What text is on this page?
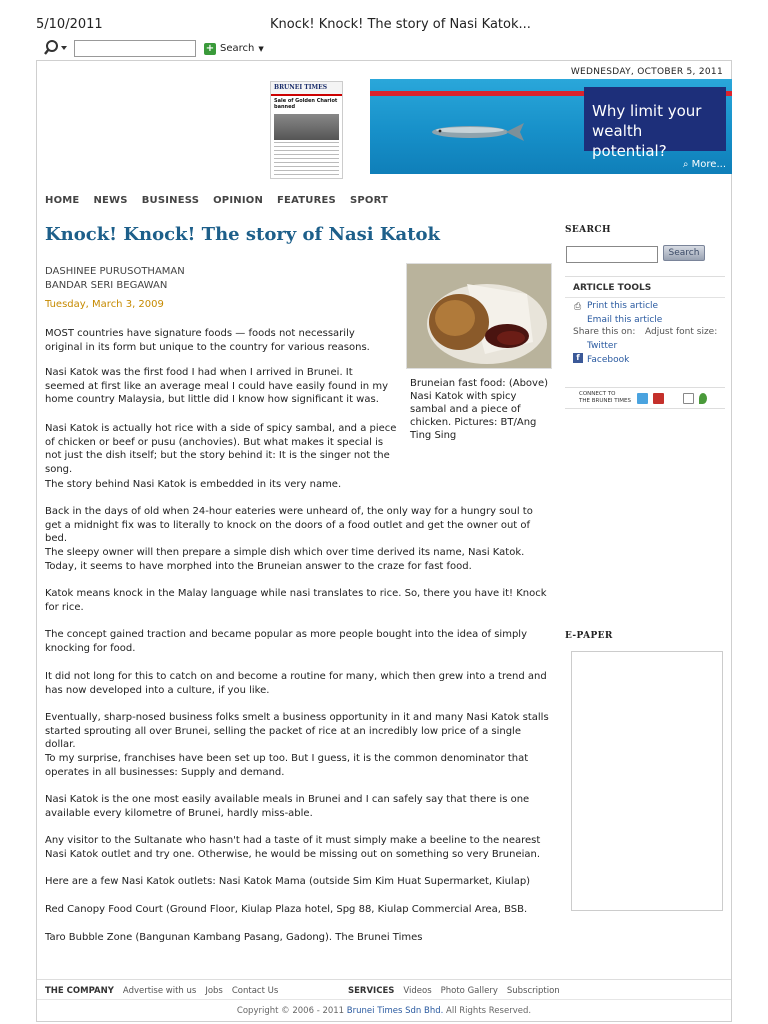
5/10/2011	Knock! Knock! The story of Nasi Katok...
+ Search ▼
WEDNESDAY, OCTOBER 5, 2011
BRUNEI TIMES
Sale of Golden Chariot banned	Why limit your
wealth potential?
⌕ More...
HOME NEWS BUSINESS OPINION FEATURES SPORT
Knock! Knock! The story of Nasi Katok
DASHINEE PURUSOTHAMAN
BANDAR SERI BEGAWAN
Tuesday, March 3, 2009
Bruneian fast food: (Above) Nasi Katok with spicy sambal and a piece of chicken. Pictures: BT/Ang Ting Sing

MOST countries have signature foods — foods not necessarily original in its form but unique to the country for various reasons.

Nasi Katok was the first food I had when I arrived in Brunei. It seemed at first like an average meal I could have easily found in my home country Malaysia, but little did I know how significant it was.

Nasi Katok is actually hot rice with a side of spicy sambal, and a piece of chicken or beef or pusu (anchovies). But what makes it special is not just the dish itself; but the story behind it: It is the singer not the song.

The story behind Nasi Katok is embedded in its very name.

Back in the days of old when 24-hour eateries were unheard of, the only way for a hungry soul to get a midnight fix was to literally to knock on the doors of a food outlet and get the owner out of bed.

The sleepy owner will then prepare a simple dish which over time derived its name, Nasi Katok. Today, it seems to have morphed into the Bruneian answer to the craze for fast food.

Katok means knock in the Malay language while nasi translates to rice. So, there you have it! Knock for rice.

The concept gained traction and became popular as more people bought into the idea of simply knocking for food.

It did not long for this to catch on and become a routine for many, which then grew into a trend and has now developed into a culture, if you like.

Eventually, sharp-nosed business folks smelt a business opportunity in it and many Nasi Katok stalls started sprouting all over Brunei, selling the packet of rice at an incredibly low price of a single dollar.

To my surprise, franchises have been set up too. But I guess, it is the common denominator that operates in all businesses: Supply and demand.

Nasi Katok is the one most easily available meals in Brunei and I can safely say that there is one available every kilometre of Brunei, hardly miss-able.

Any visitor to the Sultanate who hasn't had a taste of it must simply make a beeline to the nearest Nasi Katok outlet and try one. Otherwise, he would be missing out on something so very Bruneian.

Here are a few Nasi Katok outlets: Nasi Katok Mama (outside Sim Kim Huat Supermarket, Kiulap)

Red Canopy Food Court (Ground Floor, Kiulap Plaza hotel, Spg 88, Kiulap Commercial Area, BSB.

Taro Bubble Zone (Bangunan Kambang Pasang, Gadong). The Brunei Times

SEARCH
Search
ARTICLE TOOLS
⎙ Print this article
Email this article
Share this on: Adjust font size:
Twitter
f Facebook
CONNECT TO
THE BRUNEI TIMES
E-PAPER
THE COMPANY Advertise with us Jobs Contact Us	SERVICES Videos Photo Gallery Subscription
Copyright © 2006 - 2011 Brunei Times Sdn Bhd. All Rights Reserved.
